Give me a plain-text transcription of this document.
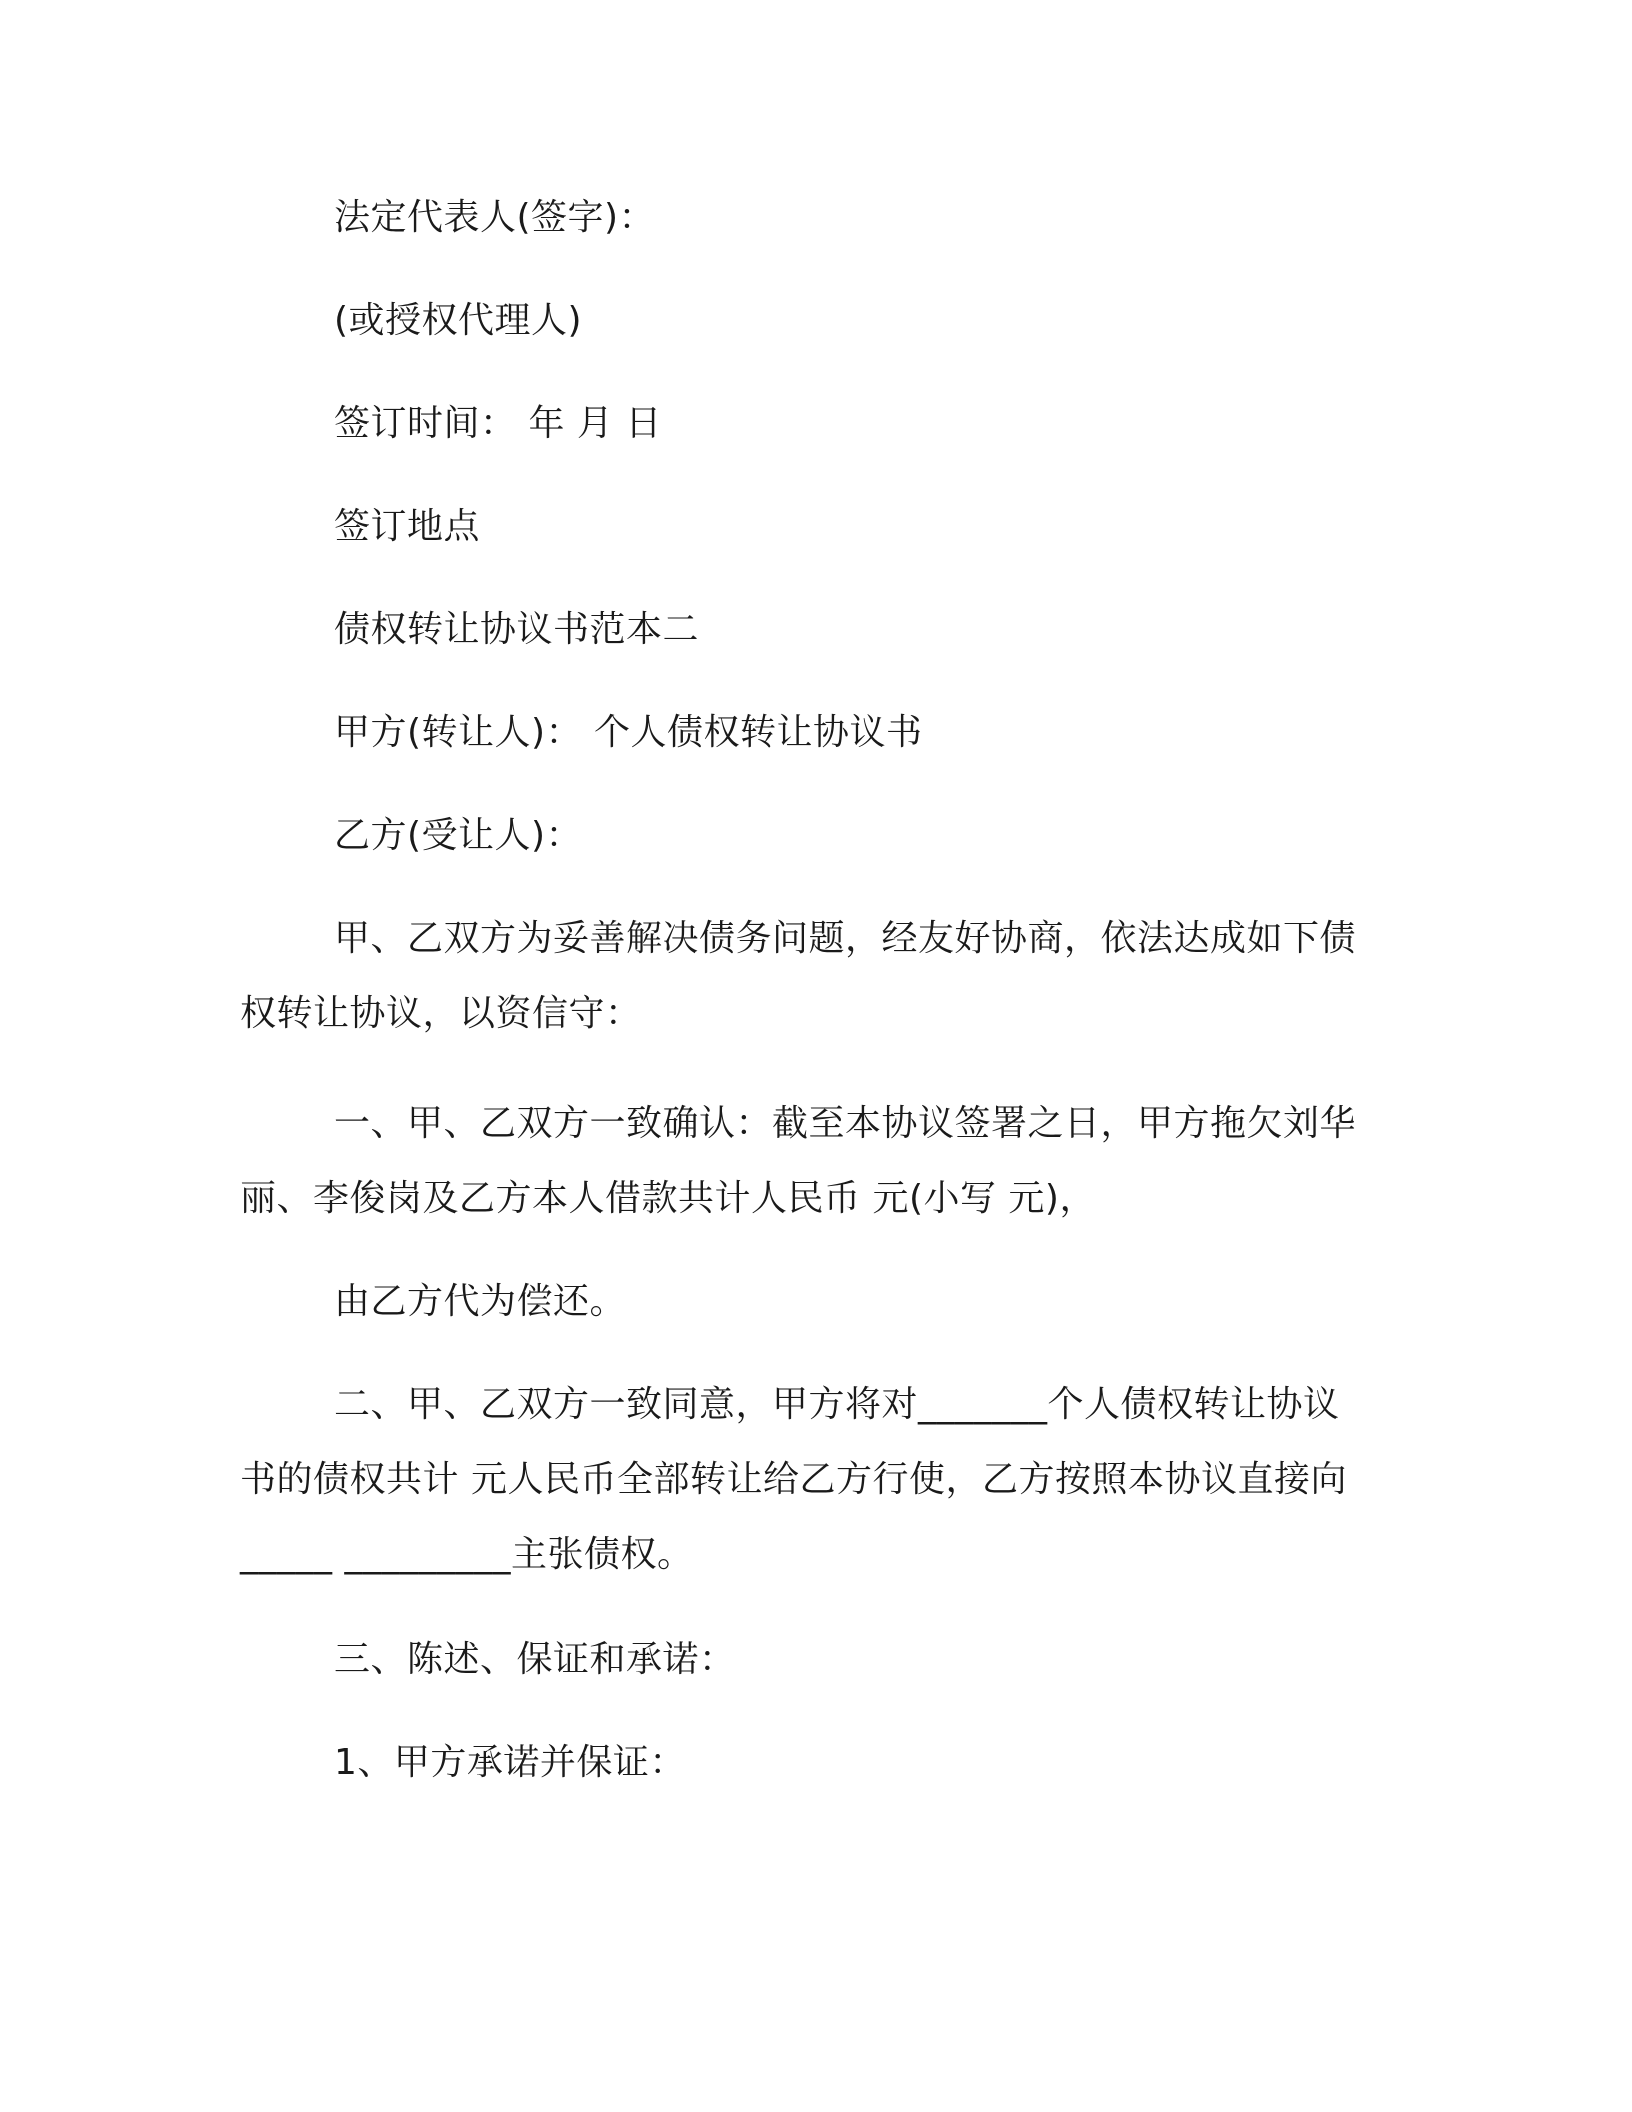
法定代表人(签字)：
(或授权代理人)
签订时间： 年 月 日
签订地点
债权转让协议书范本二
甲方(转让人)： 个人债权转让协议书
乙方(受让人)：
甲、乙双方为妥善解决债务问题，经友好协商，依法达成如下债
权转让协议，以资信守：
一、甲、乙双方一致确认：截至本协议签署之日，甲方拖欠刘华
丽、李俊岗及乙方本人借款共计人民币 元(小写 元)，
由乙方代为偿还。
二、甲、乙双方一致同意，甲方将对_______个人债权转让协议
书的债权共计 元人民币全部转让给乙方行使，乙方按照本协议直接向
_____ _________主张债权。
三、陈述、保证和承诺：
1、甲方承诺并保证：
